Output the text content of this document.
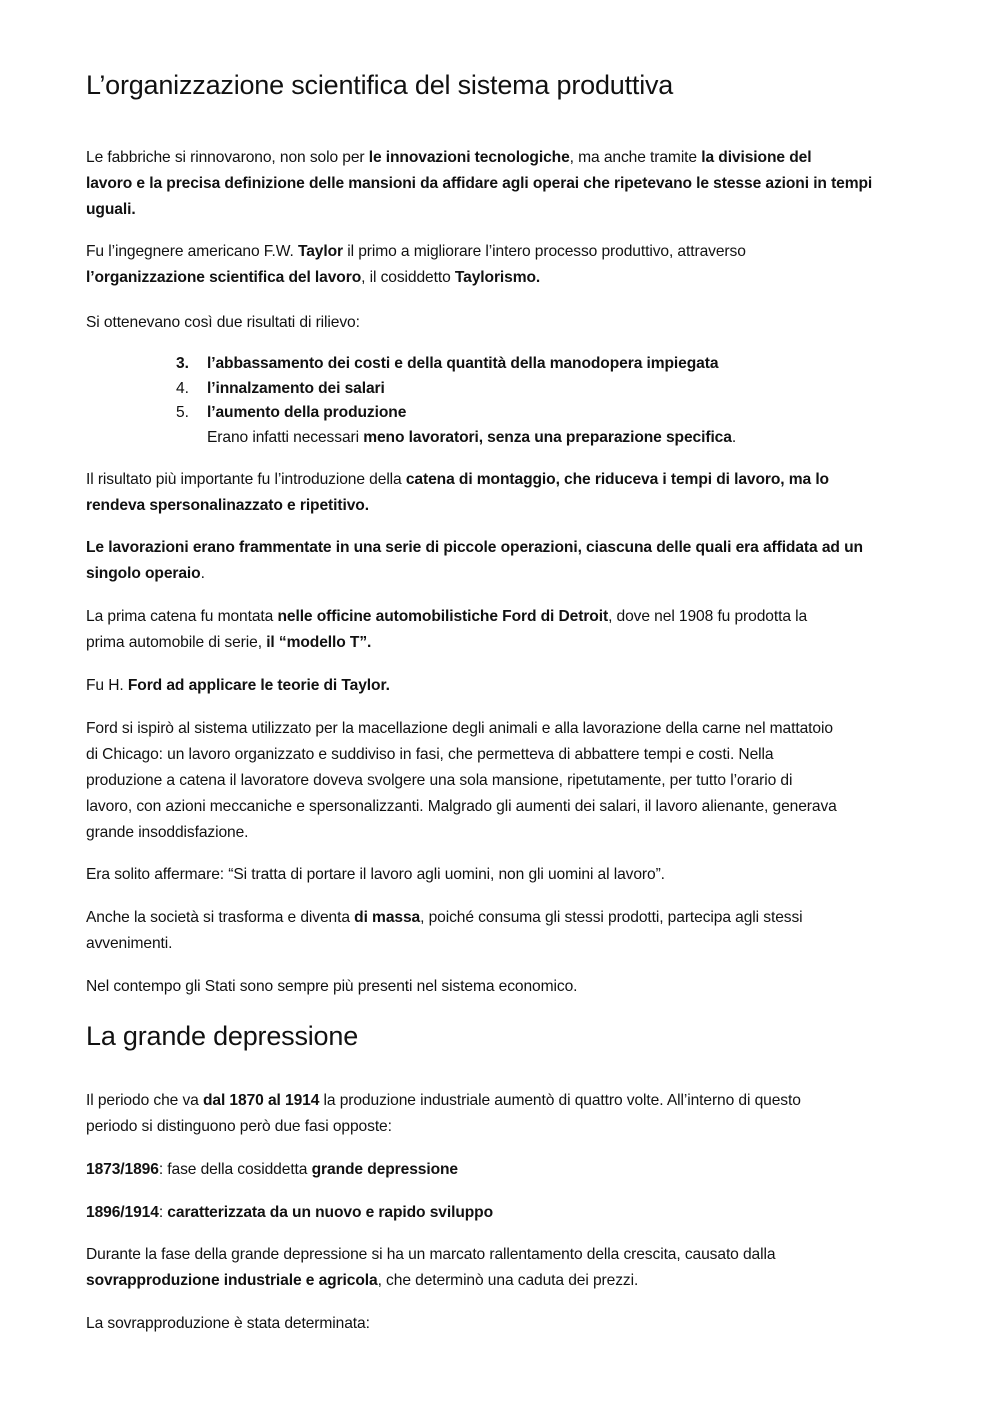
L’organizzazione scientifica del sistema produttiva

Le fabbriche si rinnovarono, non solo per le innovazioni tecnologiche, ma anche tramite la divisione del
lavoro e la precisa definizione delle mansioni da affidare agli operai che ripetevano le stesse azioni in tempi
uguali.

Fu l’ingegnere americano F.W. Taylor il primo a migliorare l’intero processo produttivo, attraverso
l’organizzazione scientifica del lavoro, il cosiddetto Taylorismo.

Si ottenevano così due risultati di rilievo:

3. l’abbassamento dei costi e della quantità della manodopera impiegata
4. l’innalzamento dei salari
5. l’aumento della produzione
Erano infatti necessari meno lavoratori, senza una preparazione specifica.

Il risultato più importante fu l’introduzione della catena di montaggio, che riduceva i tempi di lavoro, ma lo
rendeva spersonalinazzato e ripetitivo.

Le lavorazioni erano frammentate in una serie di piccole operazioni, ciascuna delle quali era affidata ad un
singolo operaio.

La prima catena fu montata nelle officine automobilistiche Ford di Detroit, dove nel 1908 fu prodotta la
prima automobile di serie, il “modello T”.

Fu H. Ford ad applicare le teorie di Taylor.

Ford si ispirò al sistema utilizzato per la macellazione degli animali e alla lavorazione della carne nel mattatoio
di Chicago: un lavoro organizzato e suddiviso in fasi, che permetteva di abbattere tempi e costi. Nella
produzione a catena il lavoratore doveva svolgere una sola mansione, ripetutamente, per tutto l’orario di
lavoro, con azioni meccaniche e spersonalizzanti. Malgrado gli aumenti dei salari, il lavoro alienante, generava
grande insoddisfazione.

Era solito affermare: “Si tratta di portare il lavoro agli uomini, non gli uomini al lavoro”.

Anche la società si trasforma e diventa di massa, poiché consuma gli stessi prodotti, partecipa agli stessi
avvenimenti.

Nel contempo gli Stati sono sempre più presenti nel sistema economico.

La grande depressione

Il periodo che va dal 1870 al 1914 la produzione industriale aumentò di quattro volte. All’interno di questo
periodo si distinguono però due fasi opposte:

1873/1896: fase della cosiddetta grande depressione

1896/1914: caratterizzata da un nuovo e rapido sviluppo

Durante la fase della grande depressione si ha un marcato rallentamento della crescita, causato dalla
sovrapproduzione industriale e agricola, che determinò una caduta dei prezzi.

La sovrapproduzione è stata determinata:
